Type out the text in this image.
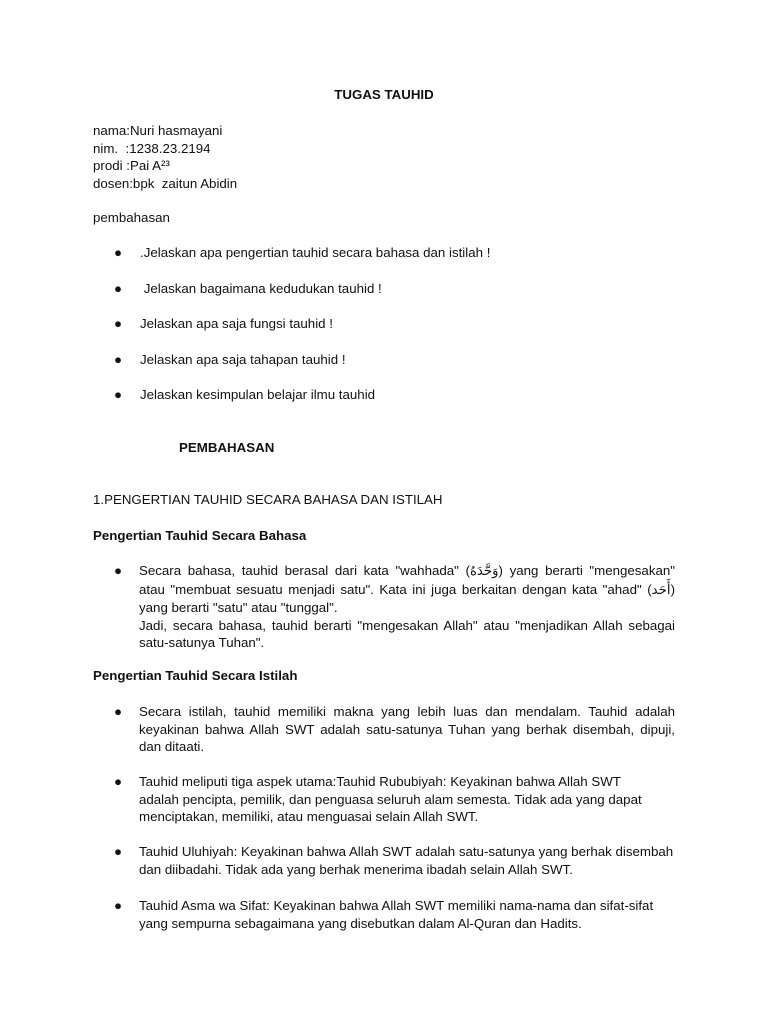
TUGAS TAUHID
nama:Nuri hasmayani
nim.  :1238.23.2194
prodi :Pai A²³
dosen:bpk  zaitun Abidin
pembahasan

●

.Jelaskan apa pengertian tauhid secara bahasa dan istilah !

●

Jelaskan bagaimana kedudukan tauhid !

●

Jelaskan apa saja fungsi tauhid !

●

Jelaskan apa saja tahapan tauhid !

●

Jelaskan kesimpulan belajar ilmu tauhid

PEMBAHASAN
1.PENGERTIAN TAUHID SECARA BAHASA DAN ISTILAH
Pengertian Tauhid Secara Bahasa
● Secara bahasa, tauhid berasal dari kata "wahhada" (وَحَّدَهُ) yang berarti "mengesakan" atau "membuat sesuatu menjadi satu". Kata ini juga berkaitan dengan kata "ahad" (أَحَد) yang berarti "satu" atau "tunggal".

Jadi, secara bahasa, tauhid berarti "mengesakan Allah" atau "menjadikan Allah sebagai satu-satunya Tuhan".

Pengertian Tauhid Secara Istilah
● Secara istilah, tauhid memiliki makna yang lebih luas dan mendalam. Tauhid adalah keyakinan bahwa Allah SWT adalah satu-satunya Tuhan yang berhak disembah, dipuji, dan ditaati.
● Tauhid meliputi tiga aspek utama:Tauhid Rububiyah: Keyakinan bahwa Allah SWT adalah pencipta, pemilik, dan penguasa seluruh alam semesta. Tidak ada yang dapat menciptakan, memiliki, atau menguasai selain Allah SWT.
● Tauhid Uluhiyah: Keyakinan bahwa Allah SWT adalah satu-satunya yang berhak disembah dan diibadahi. Tidak ada yang berhak menerima ibadah selain Allah SWT.
● Tauhid Asma wa Sifat: Keyakinan bahwa Allah SWT memiliki nama-nama dan sifat-sifat yang sempurna sebagaimana yang disebutkan dalam Al-Quran dan Hadits.
